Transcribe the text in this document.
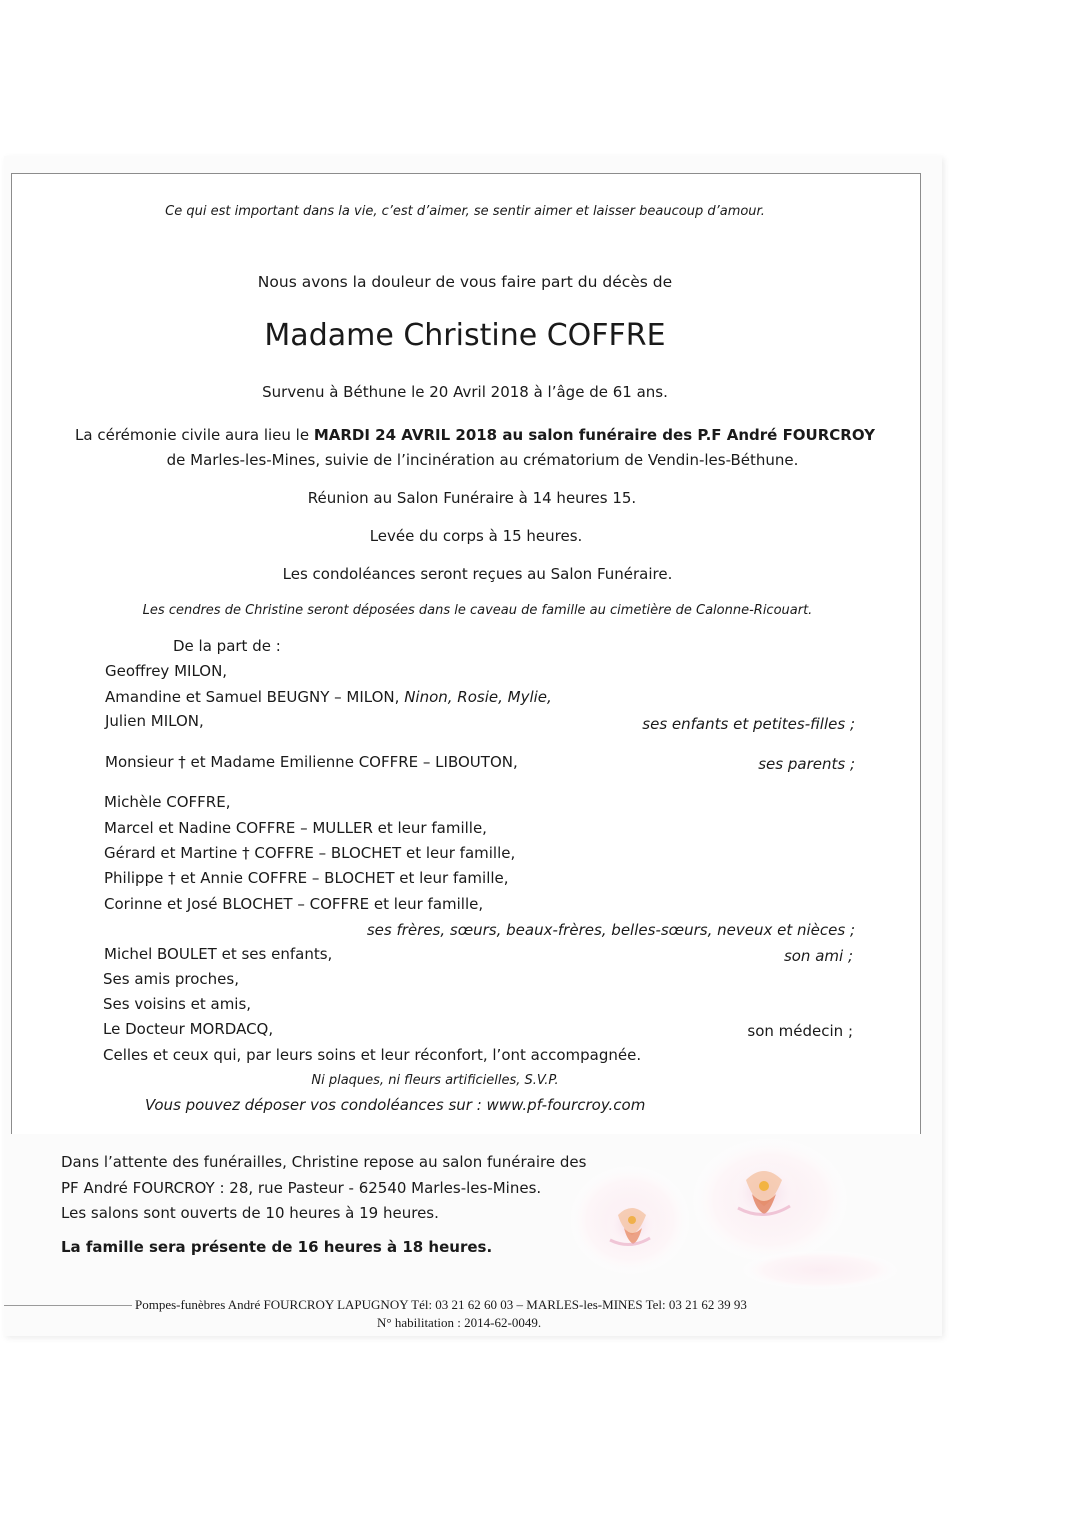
Ce qui est important dans la vie, c’est d’aimer, se sentir aimer et laisser beaucoup d’amour.
Nous avons la douleur de vous faire part du décès de
Madame Christine COFFRE
Survenu à Béthune le 20 Avril 2018 à l’âge de 61 ans.
La cérémonie civile aura lieu le MARDI 24 AVRIL 2018 au salon funéraire des P.F André FOURCROY
de Marles-les-Mines, suivie de l’incinération au crématorium de Vendin-les-Béthune.
Réunion au Salon Funéraire à 14 heures 15.
Levée du corps à 15 heures.
Les condoléances seront reçues au Salon Funéraire.
Les cendres de Christine seront déposées dans le caveau de famille au cimetière de Calonne-Ricouart.
De la part de :
Geoffrey MILON,
Amandine et Samuel BEUGNY – MILON, Ninon, Rosie, Mylie,
Julien MILON,	ses enfants et petites-filles ;
Monsieur † et Madame Emilienne COFFRE – LIBOUTON,	ses parents ;
Michèle COFFRE,
Marcel et Nadine COFFRE – MULLER et leur famille,
Gérard et Martine † COFFRE – BLOCHET et leur famille,
Philippe † et Annie COFFRE – BLOCHET et leur famille,
Corinne et José BLOCHET – COFFRE et leur famille,
ses frères, sœurs, beaux-frères, belles-sœurs, neveux et nièces ;
Michel BOULET et ses enfants,	son ami ;
Ses amis proches,
Ses voisins et amis,
Le Docteur MORDACQ,	son médecin ;
Celles et ceux qui, par leurs soins et leur réconfort, l’ont accompagnée.
Ni plaques, ni fleurs artificielles, S.V.P.
Vous pouvez déposer vos condoléances sur : www.pf-fourcroy.com
Dans l’attente des funérailles, Christine repose au salon funéraire des
PF André FOURCROY : 28, rue Pasteur - 62540 Marles-les-Mines.
Les salons sont ouverts de 10 heures à 19 heures.
La famille sera présente de 16 heures à 18 heures.
Pompes-funèbres André FOURCROY LAPUGNOY Tél: 03 21 62 60 03 – MARLES-les-MINES Tel: 03 21 62 39 93
N° habilitation : 2014-62-0049.
